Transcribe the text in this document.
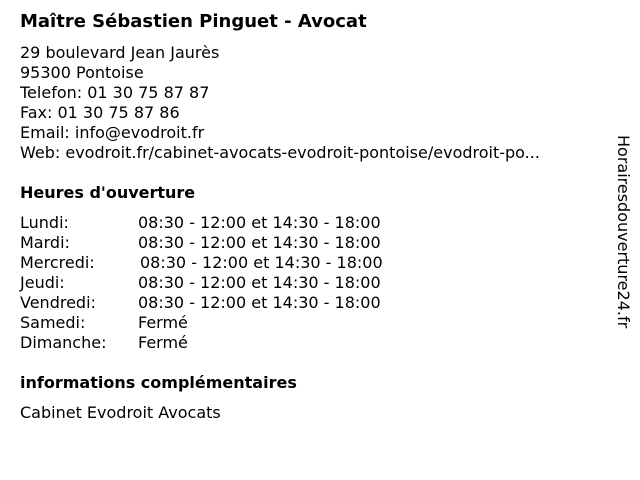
Maître Sébastien Pinguet - Avocat
29 boulevard Jean Jaurès
95300 Pontoise
Telefon: 01 30 75 87 87
Fax: 01 30 75 87 86
Email: info@evodroit.fr
Web: evodroit.fr/cabinet-avocats-evodroit-pontoise/evodroit-po...
Heures d'ouverture
Lundi:	08:30 - 12:00 et 14:30 - 18:00
Mardi:	08:30 - 12:00 et 14:30 - 18:00
Mercredi:	08:30 - 12:00 et 14:30 - 18:00
Jeudi:	08:30 - 12:00 et 14:30 - 18:00
Vendredi:	08:30 - 12:00 et 14:30 - 18:00
Samedi:	Fermé
Dimanche: Fermé
informations complémentaires
Cabinet Evodroit Avocats
Horairesdouverture24.fr
